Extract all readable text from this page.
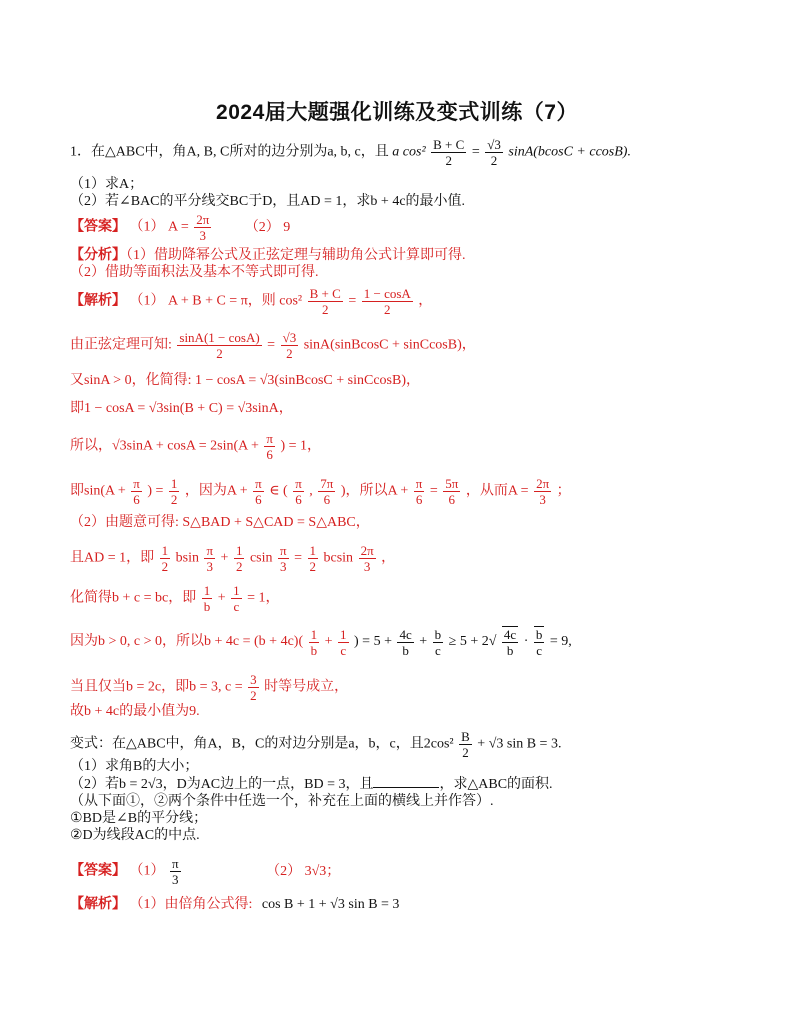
2024届大题强化训练及变式训练（7）
1．在△ABC中，角A, B, C所对的边分别为a, b, c，且 a $\cos^2 \frac{B + C}{2} = \frac{√3}{2} \sin A(bcosC + ccosB)$.
（1）求A；
（2）若∠BAC的平分线交BC于D，且AD = 1，求b + 4c的最小值.
【答案】 （1） $A = \frac{2\pi}{3} (2)$ 9
【分析】（1）借助降幂公式及正弦定理与辅助角公式计算即可得.
（2）借助等面积法及基本不等式即可得.
【解析】 （1） A + B + C = π，则 $\cos^2 \frac{B + C}{2} = \frac{1 - \cos A}{2}$ ，
由正弦定理可知: $\frac{\sin A(1 - \cos A)}{2} = \frac{√3}{2}$ sinA(sinBcosC + sinCcosB)，
又sinA > 0，化简得: 1 − cosA = √3(sinBcosC + sinCcosB)，
即1 − cosA = √3sin(B + C) = √3sinA，
所以，$√3\sin A + \cos A = 2\sin(A + \frac{\pi}{6}$ ) = 1，
即$\sin(A + \frac{\pi}{6}$ ) = $\frac{1}{2}$ ，因为$A + \frac{\pi}{6}$ ∈ ( $\frac{\pi}{6}$ , $\frac{7\pi}{6}$ )，所以$A + \frac{\pi}{6} = \frac{5\pi}{6}$ ，从而$A = \frac{2\pi}{3}$ ；
（2）由题意可得: S△BAD + S△CAD = S△ABC，
且AD = 1，即 $\frac{1}{2}$ bsin $\frac{\pi}{3} + \frac{1}{2}$ csin $\frac{\pi}{3} = \frac{1}{2}$ bcsin $\frac{2\pi}{3}$ ，
化简得b + c = bc，即 $\frac{1}{b} + \frac{1}{c} = 1$，
因为b > 0, c > 0，所以$b + 4c = (b + 4c)( \frac{1}{b} + \frac{1}{c}$ ) = $5 + \frac{4c}{b} + \frac{b}{c} \ge 5 + 2√ \frac{4c}{b} \cdot \frac{b}{c} = 9$,
当且仅当b = 2c，即b = 3, $c = \frac{3}{2}$ 时等号成立，
故b + 4c的最小值为9.
变式：在△ABC中，角A，B，C的对边分别是a，b，c，且$2\cos^2 \frac{B}{2} + √3$ sin B = 3.
（1）求角B的大小；
（2）若b = 2√3，D为AC边上的一点，BD = 3，且	，求△ABC的面积.
（从下面①，②两个条件中任选一个，补充在上面的横线上并作答）.
①BD是∠B的平分线；
②D为线段AC的中点.
【答案】 $(1) \frac{\pi}{3}$	（2） 3√3；
【解析】 （1）由倍角公式得: cos B + 1 + √3 sin B = 3
